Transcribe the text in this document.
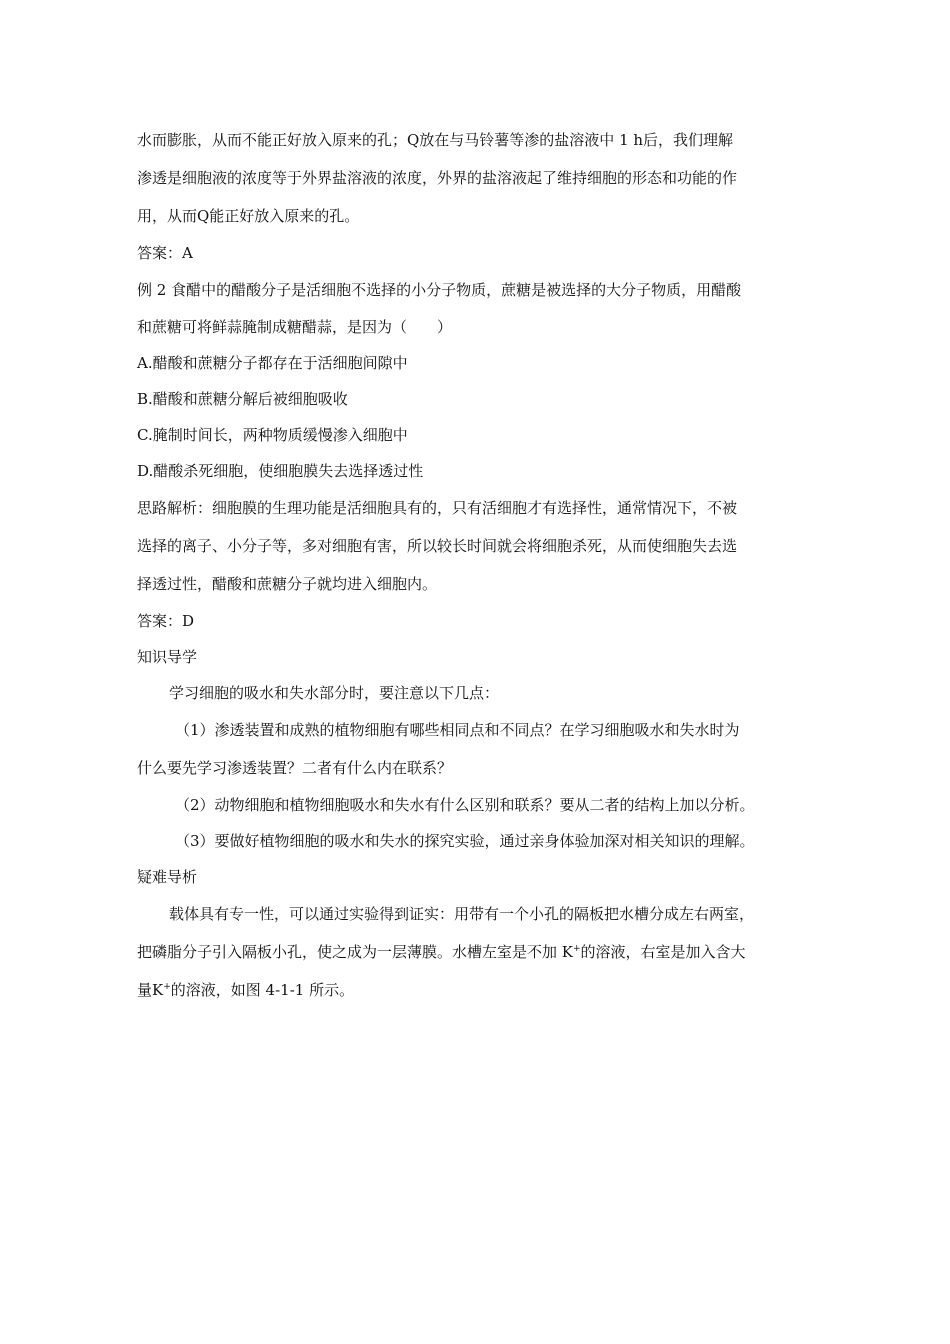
水而膨胀，从而不能正好放入原来的孔；Q放在与马铃薯等渗的盐溶液中 1 h后，我们理解

渗透是细胞液的浓度等于外界盐溶液的浓度，外界的盐溶液起了维持细胞的形态和功能的作

用，从而Q能正好放入原来的孔。

答案：A

例 2 食醋中的醋酸分子是活细胞不选择的小分子物质，蔗糖是被选择的大分子物质，用醋酸

和蔗糖可将鲜蒜腌制成糖醋蒜，是因为（　　）

A.醋酸和蔗糖分子都存在于活细胞间隙中

B.醋酸和蔗糖分解后被细胞吸收

C.腌制时间长，两种物质缓慢渗入细胞中

D.醋酸杀死细胞，使细胞膜失去选择透过性

思路解析：细胞膜的生理功能是活细胞具有的，只有活细胞才有选择性，通常情况下，不被

选择的离子、小分子等，多对细胞有害，所以较长时间就会将细胞杀死，从而使细胞失去选

择透过性，醋酸和蔗糖分子就均进入细胞内。

答案：D

知识导学

学习细胞的吸水和失水部分时，要注意以下几点：

（1）渗透装置和成熟的植物细胞有哪些相同点和不同点？在学习细胞吸水和失水时为

什么要先学习渗透装置？二者有什么内在联系？

（2）动物细胞和植物细胞吸水和失水有什么区别和联系？要从二者的结构上加以分析。

（3）要做好植物细胞的吸水和失水的探究实验，通过亲身体验加深对相关知识的理解。

疑难导析

载体具有专一性，可以通过实验得到证实：用带有一个小孔的隔板把水槽分成左右两室，

把磷脂分子引入隔板小孔，使之成为一层薄膜。水槽左室是不加 K+的溶液，右室是加入含大

量K+的溶液，如图 4-1-1 所示。
